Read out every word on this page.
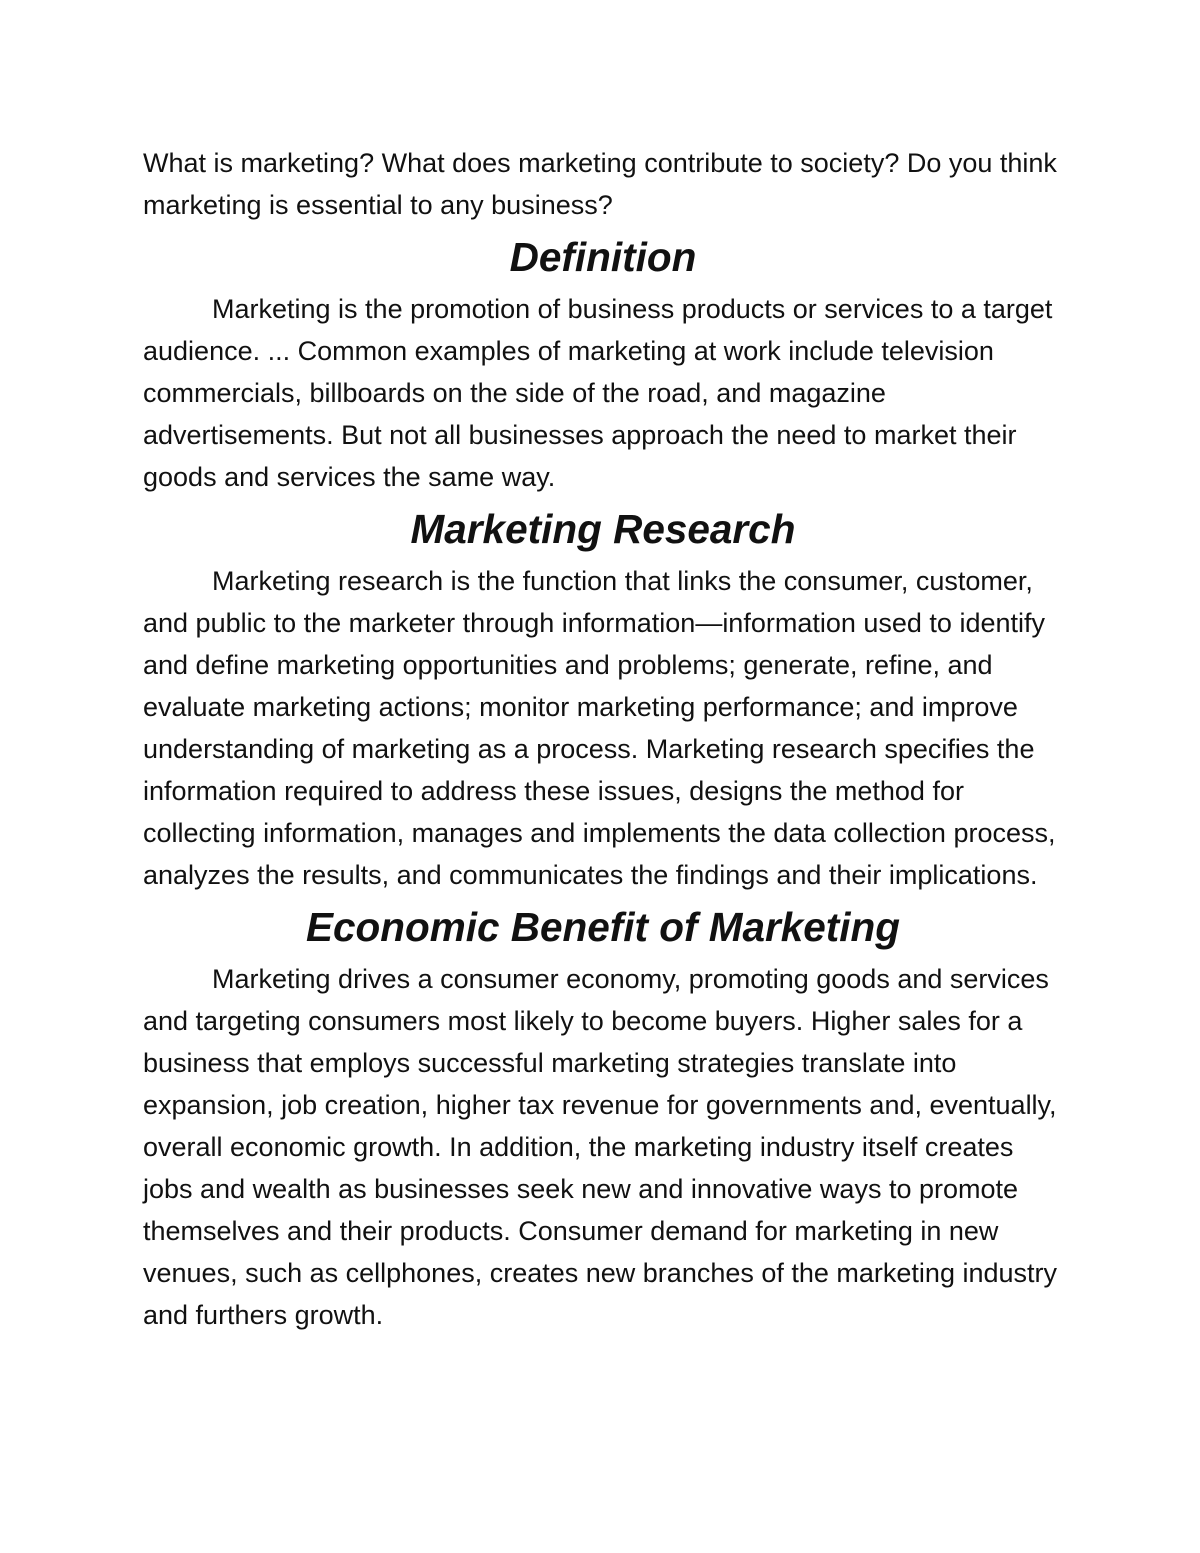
What is marketing? What does marketing contribute to society? Do you think marketing is essential to any business?

Definition

Marketing is the promotion of business products or services to a target audience. ... Common examples of marketing at work include television commercials, billboards on the side of the road, and magazine advertisements. But not all businesses approach the need to market their goods and services the same way.

Marketing Research

Marketing research is the function that links the consumer, customer, and public to the marketer through information—information used to identify and define marketing opportunities and problems; generate, refine, and evaluate marketing actions; monitor marketing performance; and improve understanding of marketing as a process. Marketing research specifies the information required to address these issues, designs the method for collecting information, manages and implements the data collection process, analyzes the results, and communicates the findings and their implications.

Economic Benefit of Marketing

Marketing drives a consumer economy, promoting goods and services and targeting consumers most likely to become buyers. Higher sales for a business that employs successful marketing strategies translate into expansion, job creation, higher tax revenue for governments and, eventually, overall economic growth. In addition, the marketing industry itself creates jobs and wealth as businesses seek new and innovative ways to promote themselves and their products. Consumer demand for marketing in new venues, such as cellphones, creates new branches of the marketing industry and furthers growth.
